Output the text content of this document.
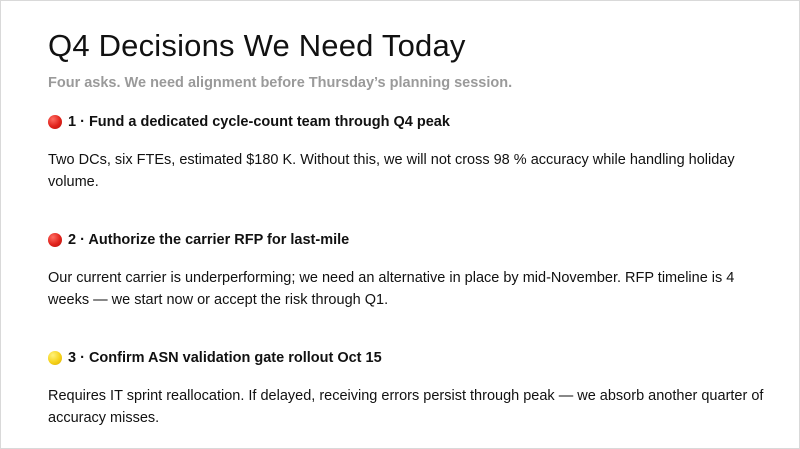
Q4 Decisions We Need Today
Four asks. We need alignment before Thursday’s planning session.
1 · Fund a dedicated cycle-count team through Q4 peak
Two DCs, six FTEs, estimated $180 K. Without this, we will not cross 98 % accuracy while handling holiday volume.
2 · Authorize the carrier RFP for last-mile
Our current carrier is underperforming; we need an alternative in place by mid-November. RFP timeline is 4 weeks — we start now or accept the risk through Q1.
3 · Confirm ASN validation gate rollout Oct 15
Requires IT sprint reallocation. If delayed, receiving errors persist through peak — we absorb another quarter of accuracy misses.
